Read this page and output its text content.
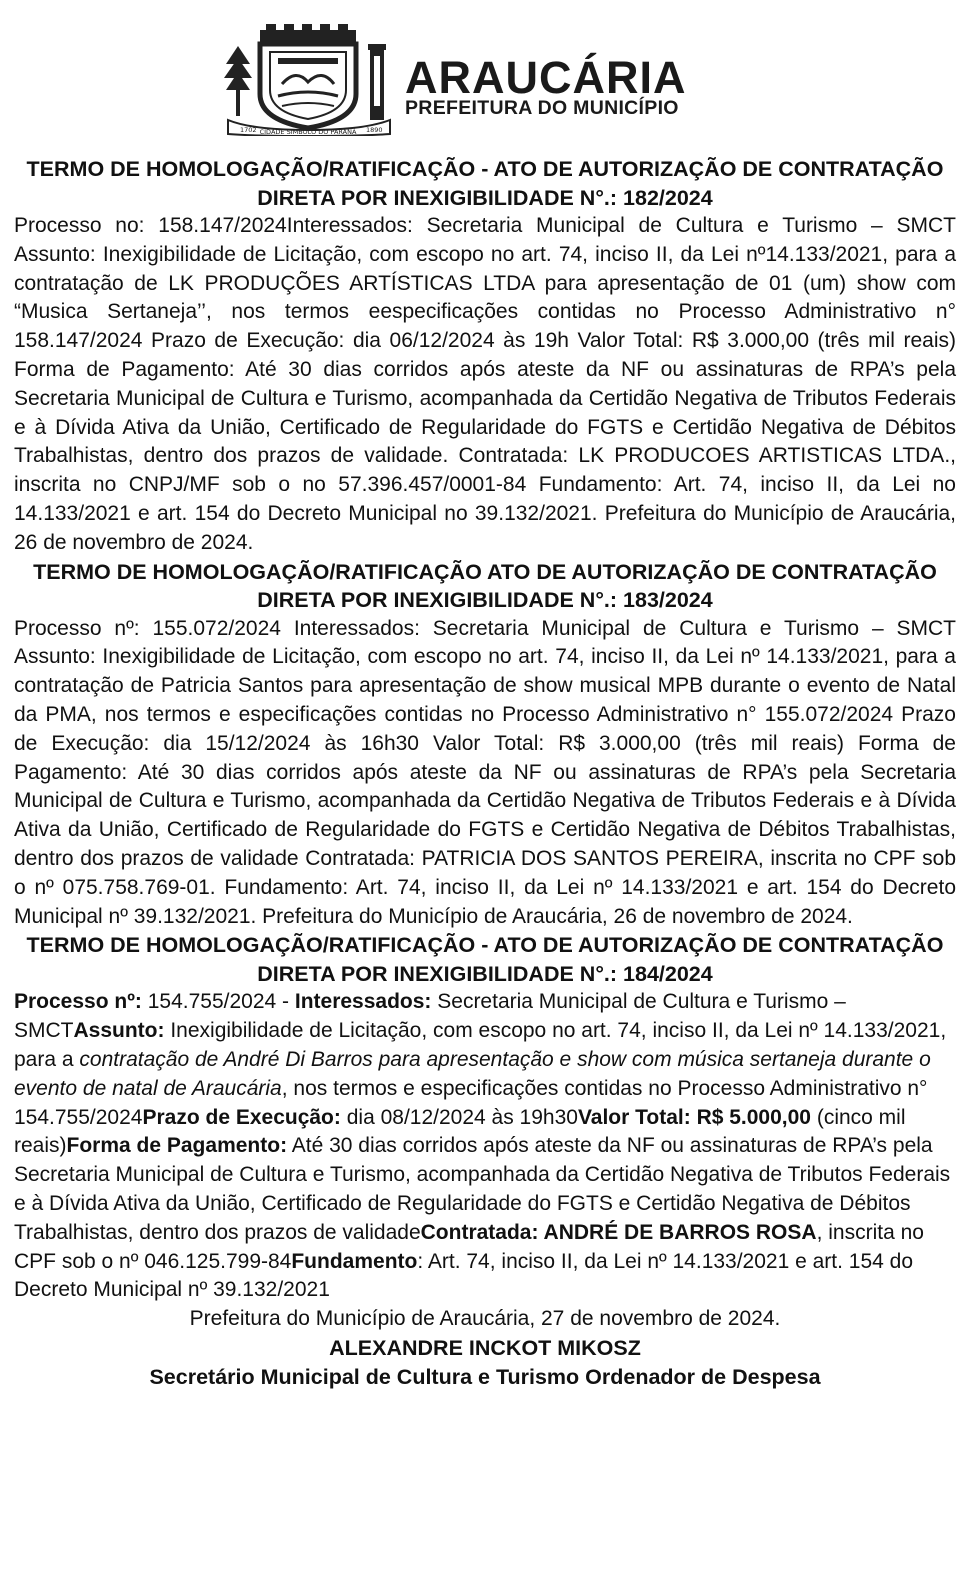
CIDADE SIMBOLO DO PARANÁ
1702	1890
ARAUCÁRIA
PREFEITURA DO MUNICÍPIO

TERMO DE HOMOLOGAÇÃO/RATIFICAÇÃO - ATO DE AUTORIZAÇÃO DE CONTRATAÇÃO DIRETA POR INEXIGIBILIDADE N°.: 182/2024

Processo no: 158.147/2024Interessados: Secretaria Municipal de Cultura e Turismo – SMCT Assunto: Inexigibilidade de Licitação, com escopo no art. 74, inciso II, da Lei nº14.133/2021, para a contratação de LK PRODUÇÕES ARTÍSTICAS LTDA para apresentação de 01 (um) show com “Musica Sertaneja’’, nos termos eespecificações contidas no Processo Administrativo n° 158.147/2024 Prazo de Execução: dia 06/12/2024 às 19h Valor Total: R$ 3.000,00 (três mil reais) Forma de Pagamento: Até 30 dias corridos após ateste da NF ou assinaturas de RPA’s pela Secretaria Municipal de Cultura e Turismo, acompanhada da Certidão Negativa de Tributos Federais e à Dívida Ativa da União, Certificado de Regularidade do FGTS e Certidão Negativa de Débitos Trabalhistas, dentro dos prazos de validade. Contratada: LK PRODUCOES ARTISTICAS LTDA., inscrita no CNPJ/MF sob o no 57.396.457/0001-84 Fundamento: Art. 74, inciso II, da Lei no 14.133/2021 e art. 154 do Decreto Municipal no 39.132/2021. Prefeitura do Município de Araucária, 26 de novembro de 2024.

TERMO DE HOMOLOGAÇÃO/RATIFICAÇÃO ATO DE AUTORIZAÇÃO DE CONTRATAÇÃO DIRETA POR INEXIGIBILIDADE N°.: 183/2024

Processo nº: 155.072/2024 Interessados: Secretaria Municipal de Cultura e Turismo – SMCT Assunto: Inexigibilidade de Licitação, com escopo no art. 74, inciso II, da Lei nº 14.133/2021, para a contratação de Patricia Santos para apresentação de show musical MPB durante o evento de Natal da PMA, nos termos e especificações contidas no Processo Administrativo n° 155.072/2024 Prazo de Execução: dia 15/12/2024 às 16h30 Valor Total: R$ 3.000,00 (três mil reais) Forma de Pagamento: Até 30 dias corridos após ateste da NF ou assinaturas de RPA’s pela Secretaria Municipal de Cultura e Turismo, acompanhada da Certidão Negativa de Tributos Federais e à Dívida Ativa da União, Certificado de Regularidade do FGTS e Certidão Negativa de Débitos Trabalhistas, dentro dos prazos de validade Contratada: PATRICIA DOS SANTOS PEREIRA, inscrita no CPF sob o nº 075.758.769-01. Fundamento: Art. 74, inciso II, da Lei nº 14.133/2021 e art. 154 do Decreto Municipal nº 39.132/2021. Prefeitura do Município de Araucária, 26 de novembro de 2024.

TERMO DE HOMOLOGAÇÃO/RATIFICAÇÃO - ATO DE AUTORIZAÇÃO DE CONTRATAÇÃO DIRETA POR INEXIGIBILIDADE N°.: 184/2024

Processo nº: 154.755/2024 - Interessados: Secretaria Municipal de Cultura e Turismo – SMCTAssunto: Inexigibilidade de Licitação, com escopo no art. 74, inciso II, da Lei nº 14.133/2021, para a contratação de André Di Barros para apresentação e show com música sertaneja durante o evento de natal de Araucária, nos termos e especificações contidas no Processo Administrativo n° 154.755/2024Prazo de Execução: dia 08/12/2024 às 19h30Valor Total: R$ 5.000,00 (cinco mil reais)Forma de Pagamento: Até 30 dias corridos após ateste da NF ou assinaturas de RPA’s pela Secretaria Municipal de Cultura e Turismo, acompanhada da Certidão Negativa de Tributos Federais e à Dívida Ativa da União, Certificado de Regularidade do FGTS e Certidão Negativa de Débitos Trabalhistas, dentro dos prazos de validadeContratada: ANDRÉ DE BARROS ROSA, inscrita no CPF sob o nº 046.125.799-84Fundamento: Art. 74, inciso II, da Lei nº 14.133/2021 e art. 154 do Decreto Municipal nº 39.132/2021

Prefeitura do Município de Araucária, 27 de novembro de 2024.

ALEXANDRE INCKOT MIKOSZ

Secretário Municipal de Cultura e Turismo Ordenador de Despesa
